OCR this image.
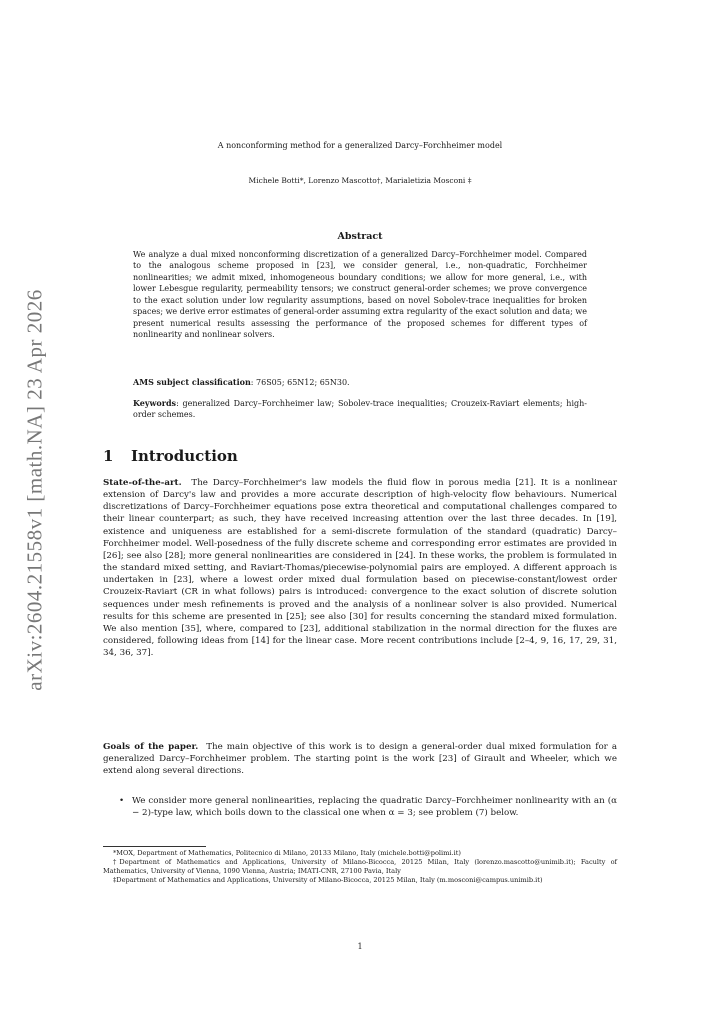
arXiv:2604.21558v1 [math.NA] 23 Apr 2026
A nonconforming method for a generalized Darcy–Forchheimer model
Michele Botti*, Lorenzo Mascotto†, Marialetizia Mosconi ‡
Abstract

We analyze a dual mixed nonconforming discretization of a generalized Darcy–Forchheimer model. Compared to the analogous scheme proposed in [23], we consider general, i.e., non-quadratic, Forchheimer nonlinearities; we admit mixed, inhomogeneous boundary conditions; we allow for more general, i.e., with lower Lebesgue regularity, permeability tensors; we construct general-order schemes; we prove convergence to the exact solution under low regularity assumptions, based on novel Sobolev-trace inequalities for broken spaces; we derive error estimates of general-order assuming extra regularity of the exact solution and data; we present numerical results assessing the performance of the proposed schemes for different types of nonlinearity and nonlinear solvers.

AMS subject classification: 76S05; 65N12; 65N30.

Keywords: generalized Darcy–Forchheimer law; Sobolev-trace inequalities; Crouzeix-Raviart elements; high-order schemes.

1 Introduction

State-of-the-art. The Darcy–Forchheimer's law models the fluid flow in porous media [21]. It is a nonlinear extension of Darcy's law and provides a more accurate description of high-velocity flow behaviours. Numerical discretizations of Darcy–Forchheimer equations pose extra theoretical and computational challenges compared to their linear counterpart; as such, they have received increasing attention over the last three decades. In [19], existence and uniqueness are established for a semi-discrete formulation of the standard (quadratic) Darcy–Forchheimer model. Well-posedness of the fully discrete scheme and corresponding error estimates are provided in [26]; see also [28]; more general nonlinearities are considered in [24]. In these works, the problem is formulated in the standard mixed setting, and Raviart-Thomas/piecewise-polynomial pairs are employed. A different approach is undertaken in [23], where a lowest order mixed dual formulation based on piecewise-constant/lowest order Crouzeix-Raviart (CR in what follows) pairs is introduced: convergence to the exact solution of discrete solution sequences under mesh refinements is proved and the analysis of a nonlinear solver is also provided. Numerical results for this scheme are presented in [25]; see also [30] for results concerning the standard mixed formulation. We also mention [35], where, compared to [23], additional stabilization in the normal direction for the fluxes are considered, following ideas from [14] for the linear case. More recent contributions include [2–4, 9, 16, 17, 29, 31, 34, 36, 37].

Goals of the paper. The main objective of this work is to design a general-order dual mixed formulation for a generalized Darcy–Forchheimer problem. The starting point is the work [23] of Girault and Wheeler, which we extend along several directions.

• We consider more general nonlinearities, replacing the quadratic Darcy–Forchheimer nonlinearity with an (α − 2)-type law, which boils down to the classical one when α = 3; see problem (7) below.

*MOX, Department of Mathematics, Politecnico di Milano, 20133 Milano, Italy (michele.botti@polimi.it)

†Department of Mathematics and Applications, University of Milano-Bicocca, 20125 Milan, Italy (lorenzo.mascotto@unimib.it); Faculty of Mathematics, University of Vienna, 1090 Vienna, Austria; IMATI-CNR, 27100 Pavia, Italy

‡Department of Mathematics and Applications, University of Milano-Bicocca, 20125 Milan, Italy (m.mosconi@campus.unimib.it)

1
